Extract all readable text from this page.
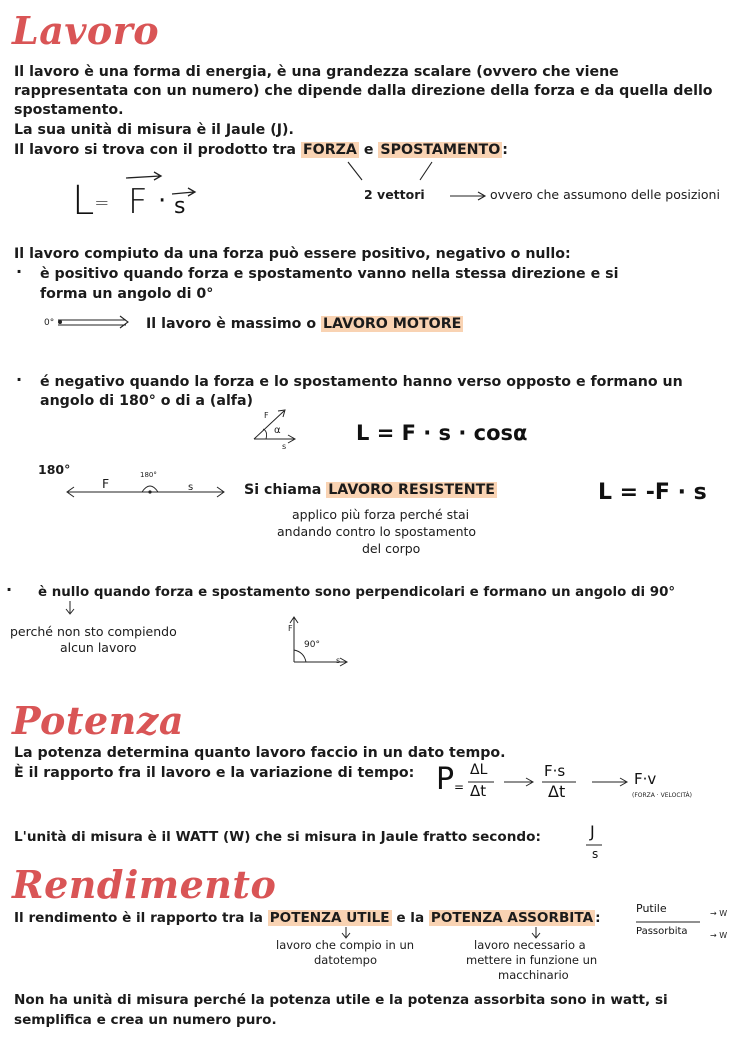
Lavoro
Il lavoro è una forma di energia, è una grandezza scalare (ovvero che viene
rappresentata con un numero) che dipende dalla direzione della forza e da quella dello
spostamento.
La sua unità di misura è il Jaule (J).
Il lavoro si trova con il prodotto tra FORZA e SPOSTAMENTO :
L= F · s	2 vettori	ovvero che assumono delle posizioni
Il lavoro compiuto da una forza può essere positivo, negativo o nullo:
· è positivo quando forza e spostamento vanno nella stessa direzione e si
forma un angolo di 0°
0°	Il lavoro è massimo o LAVORO MOTORE
· é negativo quando la forza e lo spostamento hanno verso opposto e formano un
angolo di 180° o di a (alfa)
F
α
s
L = F · s · cosα
180°	180°
F	s	Si chiama LAVORO RESISTENTE	L = -F · s
applico più forza perché stai
andando contro lo spostamento
del corpo
· è nullo quando forza e spostamento sono perpendicolari e formano un angolo di 90°
perché non sto compiendo
alcun lavoro
F
90°
s
Potenza
La potenza determina quanto lavoro faccio in un dato tempo.
È il rapporto fra il lavoro e la variazione di tempo: P =
ΔL
Δt
F·s
Δt
F·v
(FORZA · VELOCITÀ)
L'unità di misura è il WATT (W) che si misura in Jaule fratto secondo:	J
s
Rendimento
Il rendimento è il rapporto tra la POTENZA UTILE e la POTENZA ASSORBITA :
Putile
Passorbita
→ W
→ W
lavoro che compio in un
datotempo
lavoro necessario a
mettere in funzione un
macchinario
Non ha unità di misura perché la potenza utile e la potenza assorbita sono in watt, si
semplifica e crea un numero puro.
